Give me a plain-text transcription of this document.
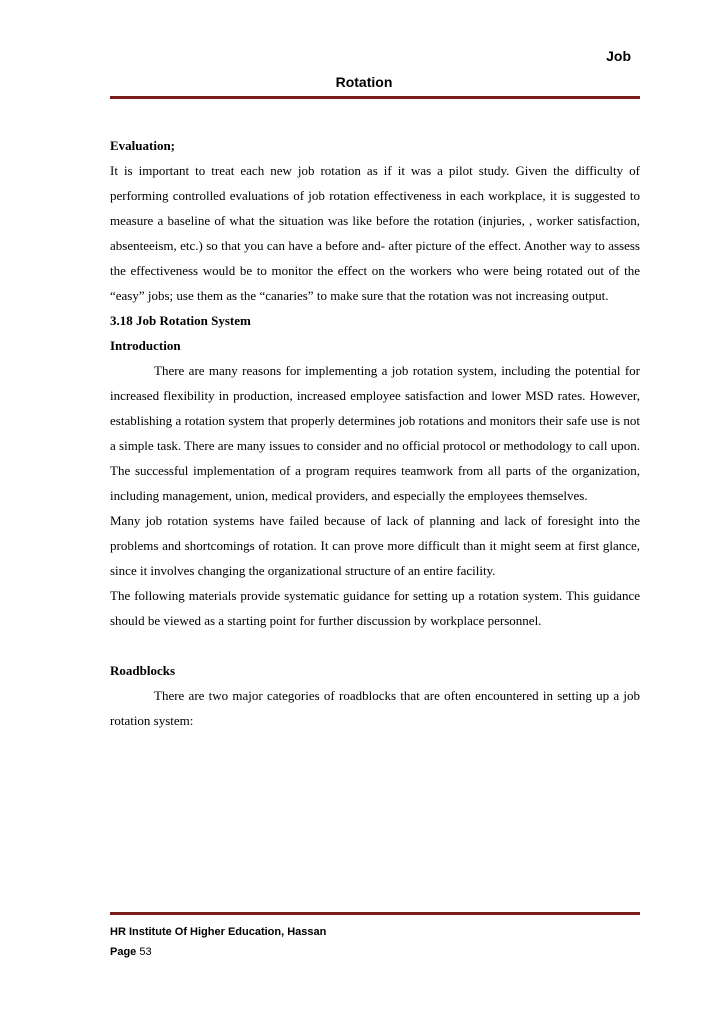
Job
Rotation
Evaluation;

It is important to treat each new job rotation as if it was a pilot study. Given the difficulty of performing controlled evaluations of job rotation effectiveness in each workplace, it is suggested to measure a baseline of what the situation was like before the rotation (injuries, , worker satisfaction, absenteeism, etc.) so that you can have a before and- after picture of the effect. Another way to assess the effectiveness would be to monitor the effect on the workers who were being rotated out of the “easy” jobs; use them as the “canaries” to make sure that the rotation was not increasing output.

3.18 Job Rotation System
Introduction

There are many reasons for implementing a job rotation system, including the potential for increased flexibility in production, increased employee satisfaction and lower MSD rates. However, establishing a rotation system that properly determines job rotations and monitors their safe use is not a simple task. There are many issues to consider and no official protocol or methodology to call upon. The successful implementation of a program requires teamwork from all parts of the organization, including management, union, medical providers, and especially the employees themselves.

Many job rotation systems have failed because of lack of planning and lack of foresight into the problems and shortcomings of rotation. It can prove more difficult than it might seem at first glance, since it involves changing the organizational structure of an entire facility.

The following materials provide systematic guidance for setting up a rotation system. This guidance should be viewed as a starting point for further discussion by workplace personnel.

Roadblocks

There are two major categories of roadblocks that are often encountered in setting up a job rotation system:

HR Institute Of Higher Education, Hassan
Page 53
